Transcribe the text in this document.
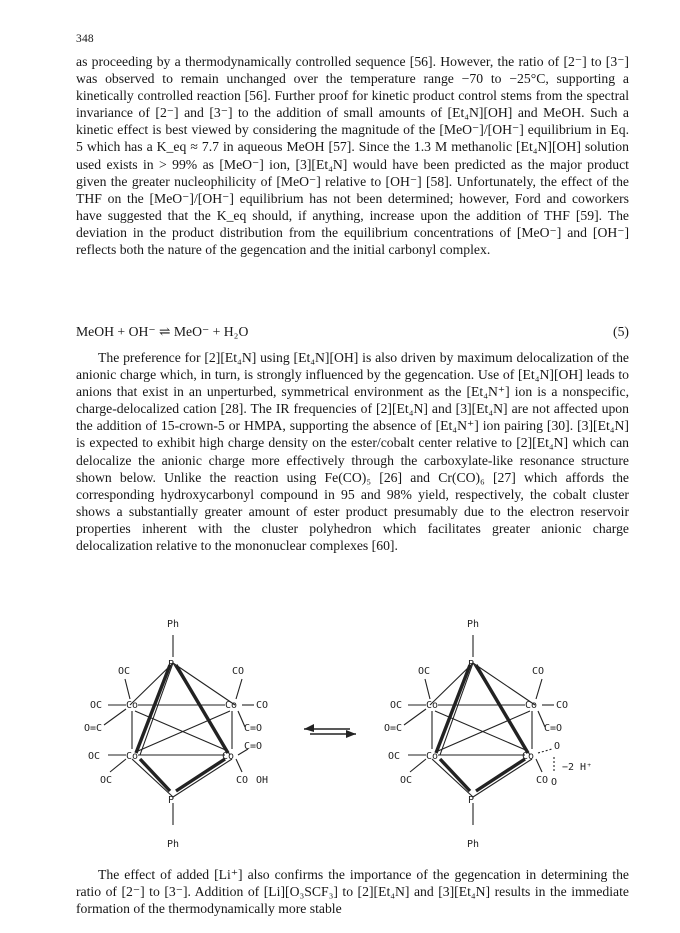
348

as proceeding by a thermodynamically controlled sequence [56]. However, the ratio of [2⁻] to [3⁻] was observed to remain unchanged over the temperature range −70 to −25°C, supporting a kinetically controlled reaction [56]. Further proof for kinetic product control stems from the spectral invariance of [2⁻] and [3⁻] to the addition of small amounts of [Et₄N][OH] and MeOH. Such a kinetic effect is best viewed by considering the magnitude of the [MeO⁻]/[OH⁻] equilibrium in Eq. 5 which has a K_eq ≈ 7.7 in aqueous MeOH [57]. Since the 1.3 M methanolic [Et₄N][OH] solution used exists in > 99% as [MeO⁻] ion, [3][Et₄N] would have been predicted as the major product given the greater nucleophilicity of [MeO⁻] relative to [OH⁻] [58]. Unfortunately, the effect of the THF on the [MeO⁻]/[OH⁻] equilibrium has not been determined; however, Ford and coworkers have suggested that the K_eq should, if anything, increase upon the addition of THF [59]. The deviation in the product distribution from the equilibrium concentrations of [MeO⁻] and [OH⁻] reflects both the nature of the gegencation and the initial carbonyl complex.

MeOH + OH⁻ ⇌ MeO⁻ + H₂O	(5)

The preference for [2][Et₄N] using [Et₄N][OH] is also driven by maximum delocalization of the anionic charge which, in turn, is strongly influenced by the gegencation. Use of [Et₄N][OH] leads to anions that exist in an unperturbed, symmetrical environment as the [Et₄N⁺] ion is a nonspecific, charge-delocalized cation [28]. The IR frequencies of [2][Et₄N] and [3][Et₄N] are not affected upon the addition of 15-crown-5 or HMPA, supporting the absence of [Et₄N⁺] ion pairing [30]. [3][Et₄N] is expected to exhibit high charge density on the ester/cobalt center relative to [2][Et₄N] which can delocalize the anionic charge more effectively through the carboxylate-like resonance structure shown below. Unlike the reaction using Fe(CO)₅ [26] and Cr(CO)₆ [27] which affords the corresponding hydroxycarbonyl compound in 95 and 98% yield, respectively, the cobalt cluster shows a substantially greater amount of ester product presumably due to the electron reservoir properties inherent with the cluster polyhedron which facilitates greater anionic charge delocalization relative to the mononuclear complexes [60].

Ph
P
P
Ph
Co	Co
Co	Co
OC	CO
OC	CO
O=C	C=O
OC
OC	CO
C=O
OH
Ph
P
P
Ph
Co	Co
Co	Co
OC	CO
OC	CO
O=C	C=O
OC
OC	CO
O
O
−2 H⁺

The effect of added [Li⁺] also confirms the importance of the gegencation in determining the ratio of [2⁻] to [3⁻]. Addition of [Li][O₃SCF₃] to [2][Et₄N] and [3][Et₄N] results in the immediate formation of the thermodynamically more stable
